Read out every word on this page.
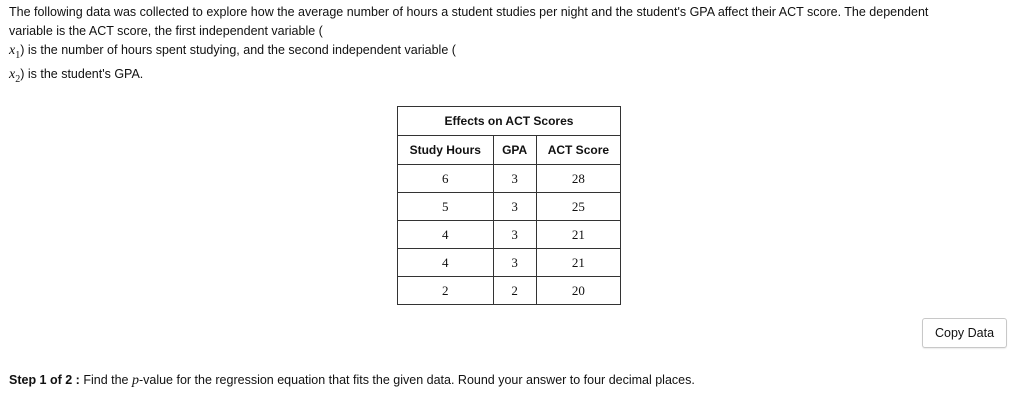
The following data was collected to explore how the average number of hours a student studies per night and the student's GPA affect their ACT score. The dependent

variable is the ACT score, the first independent variable (

$x_1$) is the number of hours spent studying, and the second independent variable (

$x_2$) is the student's GPA.

Effects on ACT Scores		
Study Hours	GPA	ACT Score
6	3	28
5	3	25
4	3	21
4	3	21
2	2	20
Copy Data
Step 1 of 2 : Find the p-value for the regression equation that fits the given data. Round your answer to four decimal places.
